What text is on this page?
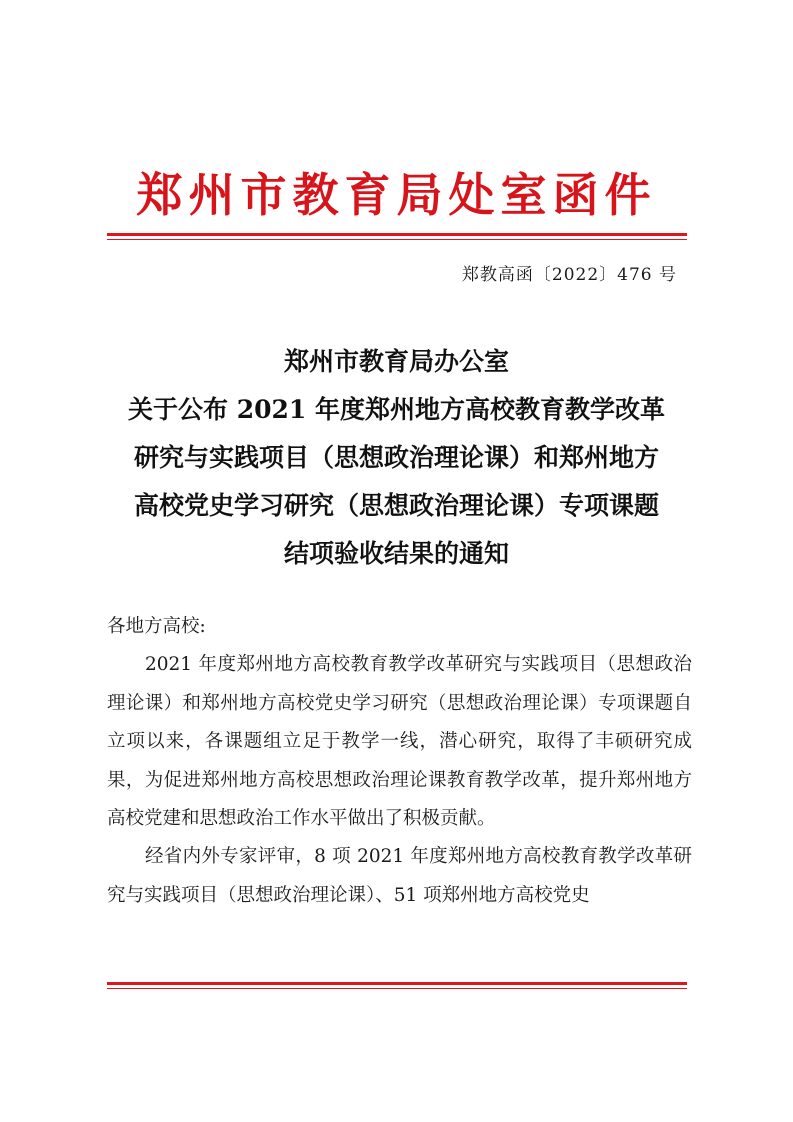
郑州市教育局处室函件
郑教高函〔2022〕476 号
郑州市教育局办公室
关于公布 2021 年度郑州地方高校教育教学改革
研究与实践项目（思想政治理论课）和郑州地方
高校党史学习研究（思想政治理论课）专项课题
结项验收结果的通知

各地方高校:

2021 年度郑州地方高校教育教学改革研究与实践项目（思想政治理论课）和郑州地方高校党史学习研究（思想政治理论课）专项课题自立项以来，各课题组立足于教学一线，潜心研究，取得了丰硕研究成果，为促进郑州地方高校思想政治理论课教育教学改革，提升郑州地方高校党建和思想政治工作水平做出了积极贡献。

经省内外专家评审，8 项 2021 年度郑州地方高校教育教学改革研究与实践项目（思想政治理论课）、51 项郑州地方高校党史
